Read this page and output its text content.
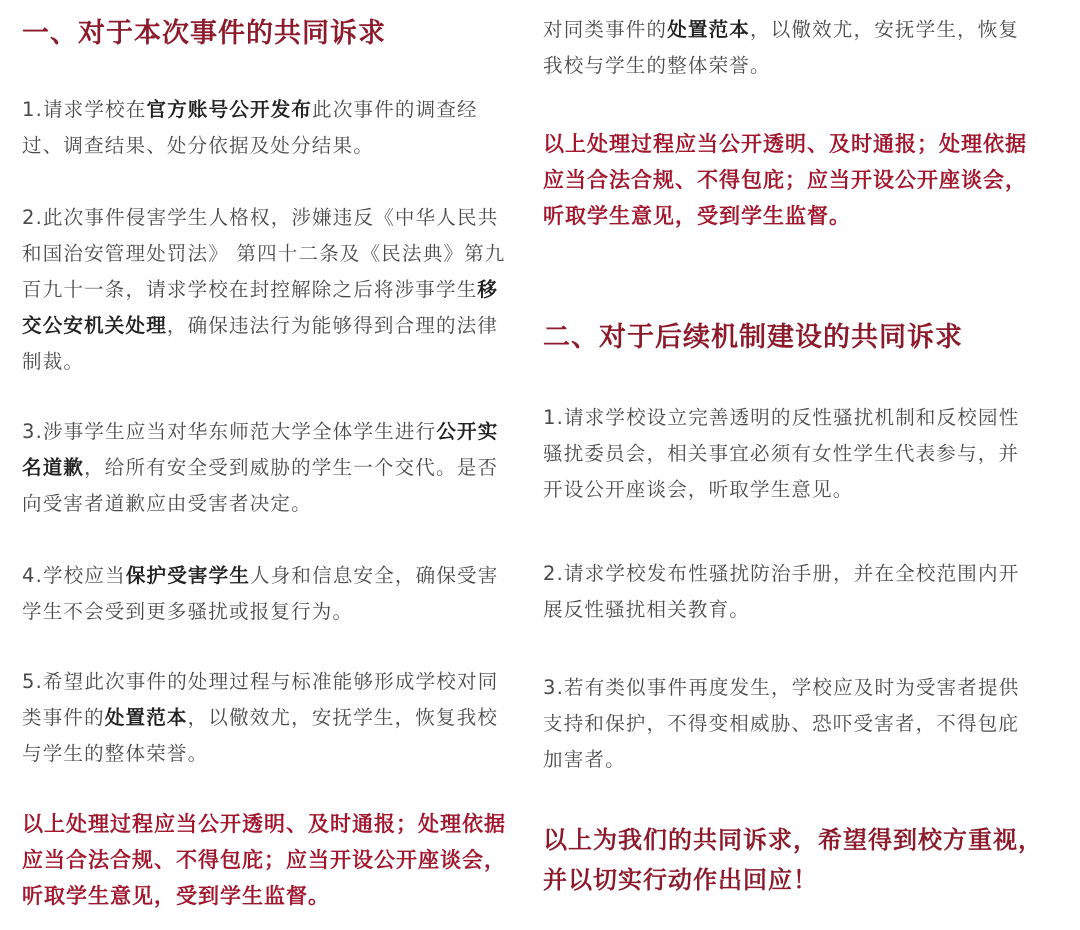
一、对于本次事件的共同诉求
1.请求学校在官方账号公开发布此次事件的调查经过、调查结果、处分依据及处分结果。
2.此次事件侵害学生人格权，涉嫌违反《中华人民共和国治安管理处罚法》 第四十二条及《民法典》第九百九十一条，请求学校在封控解除之后将涉事学生移交公安机关处理，确保违法行为能够得到合理的法律制裁。
3.涉事学生应当对华东师范大学全体学生进行公开实名道歉，给所有安全受到威胁的学生一个交代。是否向受害者道歉应由受害者决定。
4.学校应当保护受害学生人身和信息安全，确保受害学生不会受到更多骚扰或报复行为。
5.希望此次事件的处理过程与标准能够形成学校对同类事件的处置范本，以儆效尤，安抚学生，恢复我校与学生的整体荣誉。
以上处理过程应当公开透明、及时通报；处理依据应当合法合规、不得包庇；应当开设公开座谈会，听取学生意见，受到学生监督。
对同类事件的处置范本，以儆效尤，安抚学生，恢复我校与学生的整体荣誉。
以上处理过程应当公开透明、及时通报；处理依据应当合法合规、不得包庇；应当开设公开座谈会，听取学生意见，受到学生监督。
二、对于后续机制建设的共同诉求
1.请求学校设立完善透明的反性骚扰机制和反校园性骚扰委员会，相关事宜必须有女性学生代表参与，并开设公开座谈会，听取学生意见。
2.请求学校发布性骚扰防治手册，并在全校范围内开展反性骚扰相关教育。
3.若有类似事件再度发生，学校应及时为受害者提供支持和保护，不得变相威胁、恐吓受害者，不得包庇加害者。
以上为我们的共同诉求，希望得到校方重视，并以切实行动作出回应！
